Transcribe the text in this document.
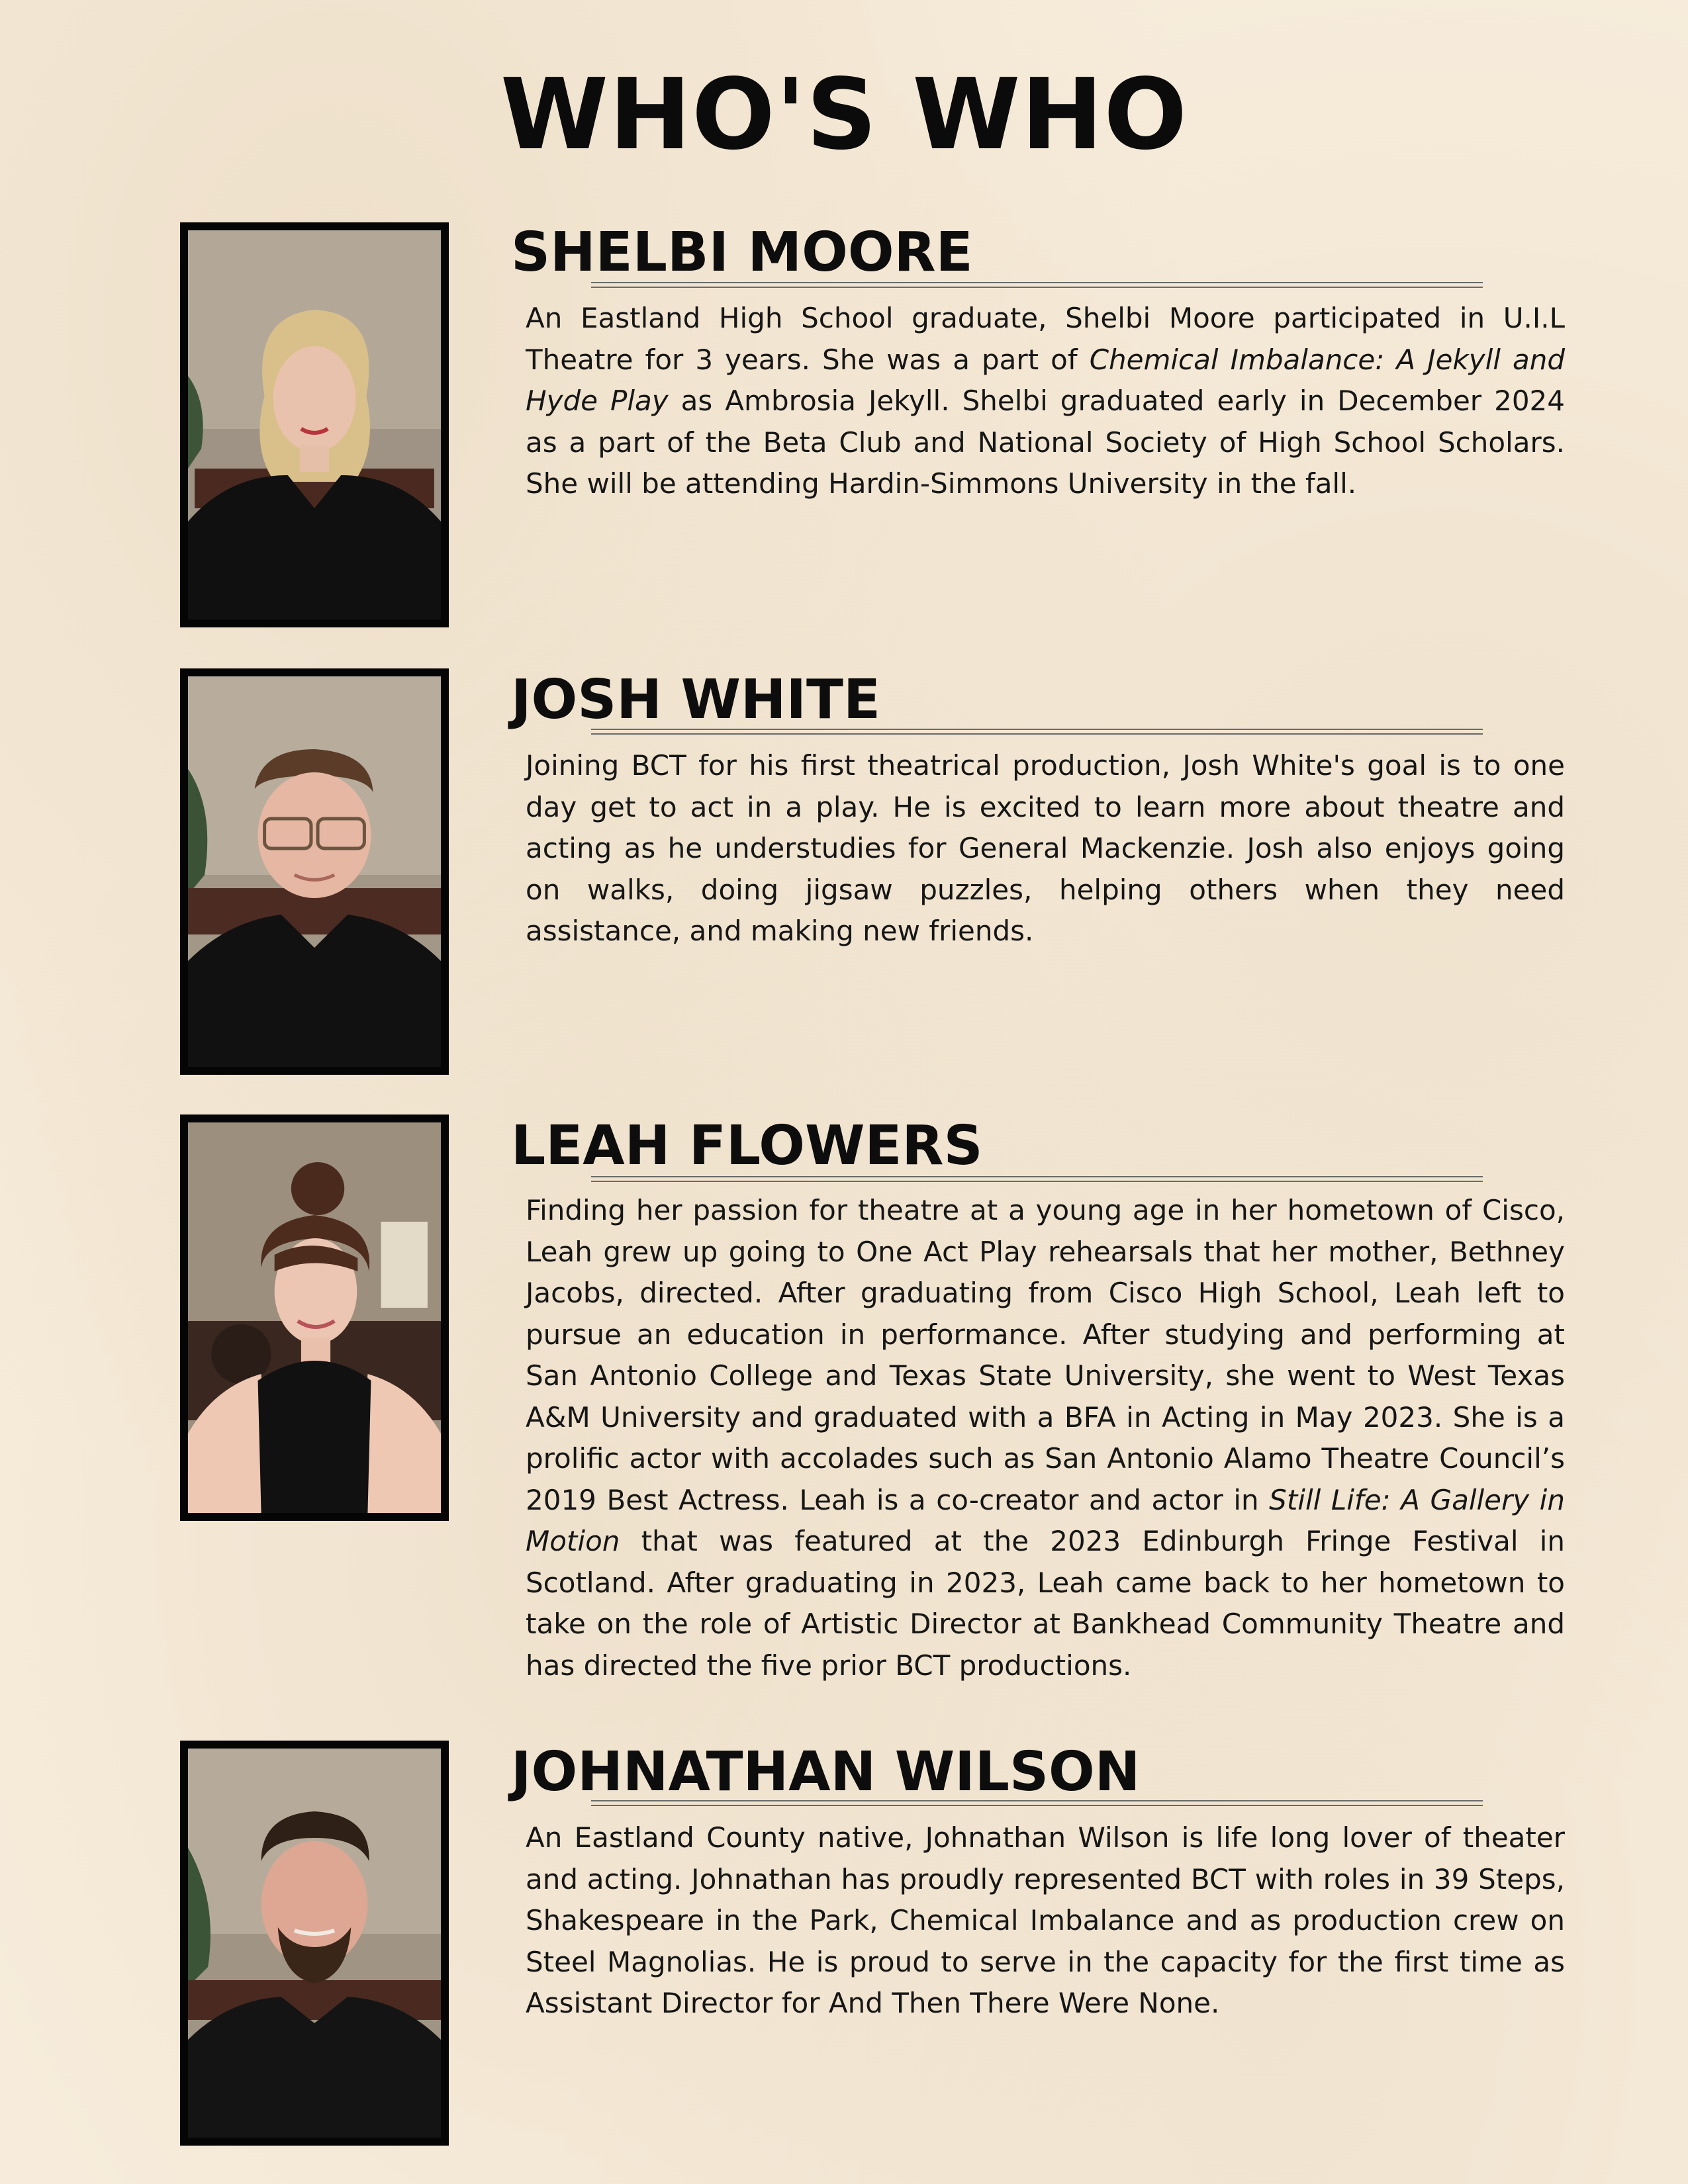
WHO'S WHO
SHELBI MOORE
An Eastland High School graduate, Shelbi Moore participated in U.I.L Theatre for 3 years. She was a part of Chemical Imbalance: A Jekyll and Hyde Play as Ambrosia Jekyll. Shelbi graduated early in December 2024 as a part of the Beta Club and National Society of High School Scholars. She will be attending Hardin-Simmons University in the fall.
JOSH WHITE
Joining BCT for his first theatrical production, Josh White's goal is to one day get to act in a play. He is excited to learn more about theatre and acting as he understudies for General Mackenzie. Josh also enjoys going on walks, doing jigsaw puzzles, helping others when they need assistance, and making new friends.
LEAH FLOWERS
Finding her passion for theatre at a young age in her hometown of Cisco, Leah grew up going to One Act Play rehearsals that her mother, Bethney Jacobs, directed. After graduating from Cisco High School, Leah left to pursue an education in performance. After studying and performing at San Antonio College and Texas State University, she went to West Texas A&M University and graduated with a BFA in Acting in May 2023. She is a prolific actor with accolades such as San Antonio Alamo Theatre Council’s 2019 Best Actress. Leah is a co-creator and actor in Still Life: A Gallery in Motion that was featured at the 2023 Edinburgh Fringe Festival in Scotland. After graduating in 2023, Leah came back to her hometown to take on the role of Artistic Director at Bankhead Community Theatre and has directed the five prior BCT productions.
JOHNATHAN WILSON
An Eastland County native, Johnathan Wilson is life long lover of theater and acting. Johnathan has proudly represented BCT with roles in 39 Steps, Shakespeare in the Park, Chemical Imbalance and as production crew on Steel Magnolias. He is proud to serve in the capacity for the first time as Assistant Director for And Then There Were None.
